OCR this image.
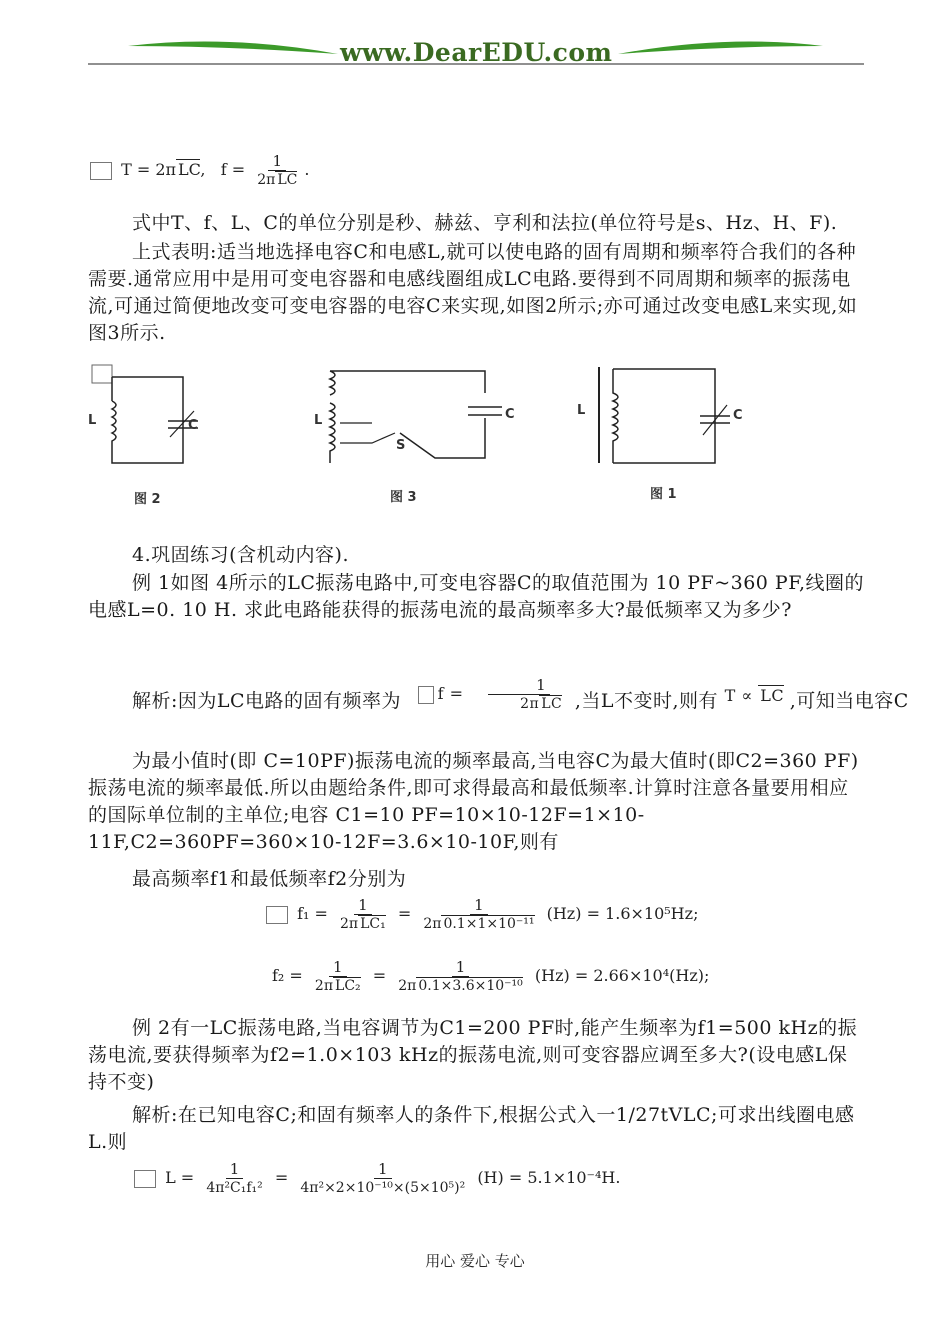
www.DearEDU.com
T = 2π LC,   $f = \frac{1}{\text{2π LC}}$ .
式中T、f、L、C的单位分别是秒、赫兹、亨利和法拉(单位符号是s、Hz、H、F).
上式表明:适当地选择电容C和电感L,就可以使电路的固有周期和频率符合我们的各种需要.通常应用中是用可变电容器和电感线圈组成LC电路.要得到不同周期和频率的振荡电流,可通过简便地改变可变电容器的电容C来实现,如图2所示;亦可通过改变电感L来实现,如图3所示.
L	C
图 2
L	C
S
图 3
L	C
图 1
4.巩固练习(含机动内容).
例 1如图 4所示的LC振荡电路中,可变电容器C的取值范围为 10 PF~360 PF,线圈的电感L=0. 10 H. 求此电路能获得的振荡电流的最高频率多大?最低频率又为多少?
解析:因为LC电路的固有频率为 $^{f = \frac{1}{\text{2π LC}}}$ ,当L不变时,则有 $^{T \propto LC}$ ,可知当电容C
为最小值时(即 C=10PF)振荡电流的频率最高,当电容C为最大值时(即C2=360 PF)振荡电流的频率最低.所以由题给条件,即可求得最高和最低频率.计算时注意各量要用相应的国际单位制的主单位;电容 C1=10 PF=10×10-12F=1×10-11F,C2=360PF=360×10-12F=3.6×10-10F,则有
最高频率f1和最低频率f2分别为
$f_1 = \frac{1}{\text{2π LC₁}} = \frac{1}{\text{2π 0.1×1×10⁻¹¹}} (Hz) = 1.6\times 10^5Hz$;
$f_2 = \frac{1}{\text{2π LC₂}} = \frac{1}{\text{2π 0.1×3.6×10⁻¹⁰}} (Hz) = 2.66\times 10^4(Hz)$;
例 2有一LC振荡电路,当电容调节为C1=200 PF时,能产生频率为f1=500 kHz的振荡电流,要获得频率为f2=1.0×103 kHz的振荡电流,则可变容器应调至多大?(设电感L保持不变)
解析:在已知电容C;和固有频率人的条件下,根据公式入一1/27tVLC;可求出线圈电感L.则
$L = \frac{1}{\text{4π²C₁f₁²}} = \frac{1}{\text{4π²×2×10⁻¹⁰×(5×10⁵)²}} (H) = 5.1\times 10^{-4}H$.
用心 爱心 专心
